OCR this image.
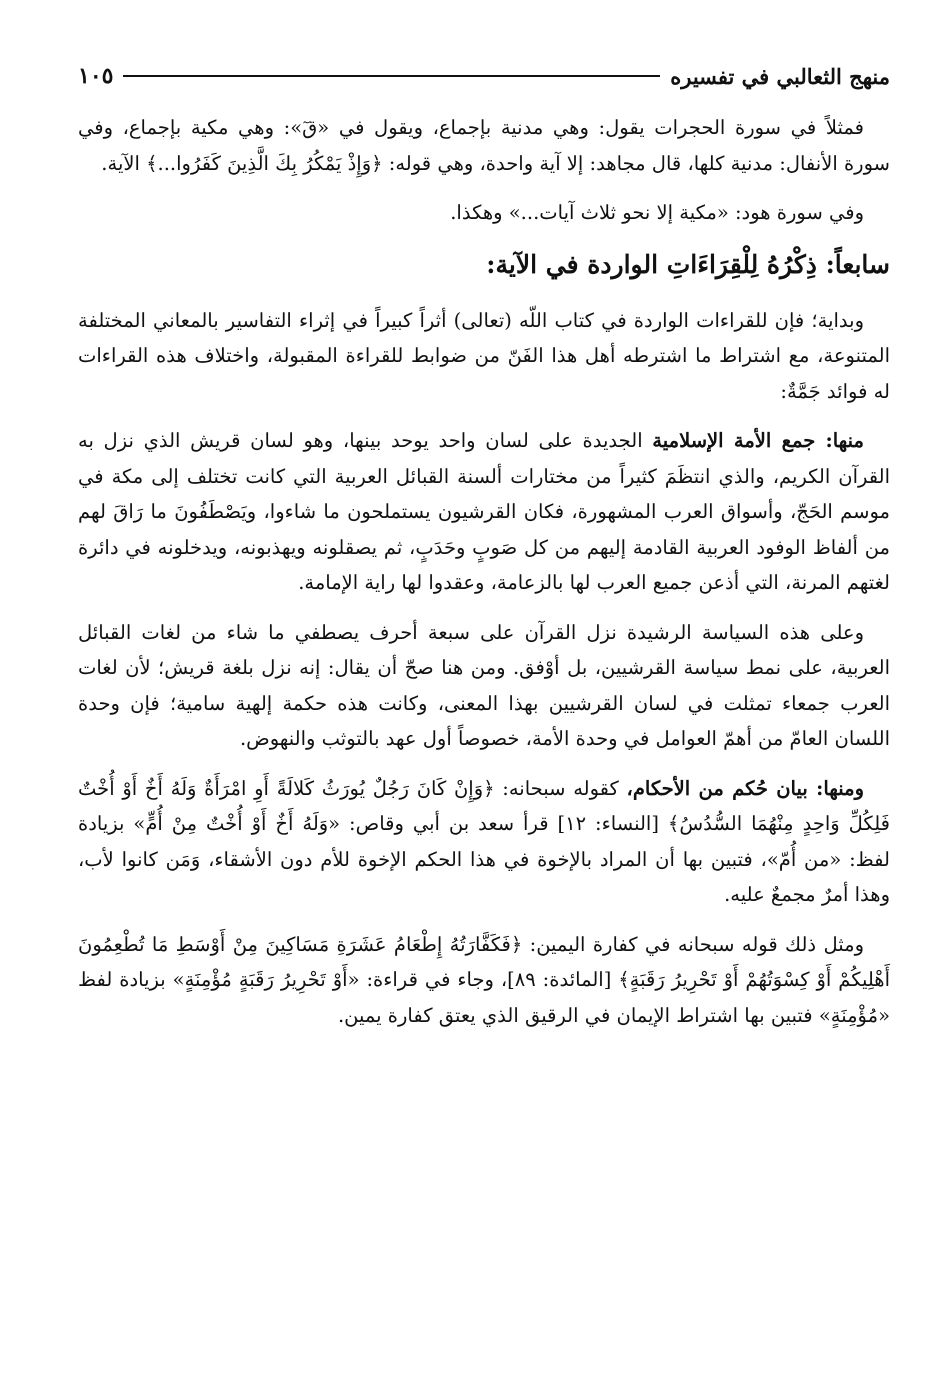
منهج الثعالبي في تفسيره
١٠٥

فمثلاً في سورة الحجرات يقول: وهي مدنية بإجماع، ويقول في «قٓ»: وهي مكية بإجماع، وفي سورة الأنفال: مدنية كلها، قال مجاهد: إلا آية واحدة، وهي قوله: ﴿وَإِذْ يَمْكُرُ بِكَ الَّذِينَ كَفَرُوا...﴾ الآية.

وفي سورة هود: «مكية إلا نحو ثلاث آيات...» وهكذا.

سابعاً: ذِكْرُهُ لِلْقِرَاءَاتِ الواردة في الآية:

وبداية؛ فإن للقراءات الواردة في كتاب اللّه (تعالى) أثراً كبيراً في إثراء التفاسير بالمعاني المختلفة المتنوعة، مع اشتراط ما اشترطه أهل هذا الفَنّ من ضوابط للقراءة المقبولة، واختلاف هذه القراءات له فوائد جَمَّةٌ:

منها: جمع الأمة الإسلامية الجديدة على لسان واحد يوحد بينها، وهو لسان قريش الذي نزل به القرآن الكريم، والذي انتظَمَ كثيراً من مختارات ألسنة القبائل العربية التي كانت تختلف إلى مكة في موسم الحَجّ، وأسواق العرب المشهورة، فكان القرشيون يستملحون ما شاءوا، ويَصْطَفُونَ ما رَاقَ لهم من ألفاظ الوفود العربية القادمة إليهم من كل صَوبٍ وحَدَبٍ، ثم يصقلونه ويهذبونه، ويدخلونه في دائرة لغتهم المرنة، التي أذعن جميع العرب لها بالزعامة، وعقدوا لها راية الإمامة.

وعلى هذه السياسة الرشيدة نزل القرآن على سبعة أحرف يصطفي ما شاء من لغات القبائل العربية، على نمط سياسة القرشيين، بل أوْفق. ومن هنا صحّ أن يقال: إنه نزل بلغة قريش؛ لأن لغات العرب جمعاء تمثلت في لسان القرشيين بهذا المعنى، وكانت هذه حكمة إلهية سامية؛ فإن وحدة اللسان العامّ من أهمّ العوامل في وحدة الأمة، خصوصاً أول عهد بالتوثب والنهوض.

ومنها: بيان حُكم من الأحكام، كقوله سبحانه: ﴿وَإِنْ كَانَ رَجُلٌ يُورَثُ كَلالَةً أَوِ امْرَأَةٌ وَلَهُ أَخٌ أَوْ أُخْتٌ فَلِكُلِّ وَاحِدٍ مِنْهُمَا السُّدُسُ﴾ [النساء: ١٢] قرأ سعد بن أبي وقاص: «وَلَهُ أَخٌ أَوْ أُخْتٌ مِنْ أُمٍّ» بزيادة لفظ: «من أُمّ»، فتبين بها أن المراد بالإخوة في هذا الحكم الإخوة للأم دون الأشقاء، وَمَن كانوا لأب، وهذا أمرٌ مجمعٌ عليه.

ومثل ذلك قوله سبحانه في كفارة اليمين: ﴿فَكَفَّارَتُهُ إِطْعَامُ عَشَرَةِ مَسَاكِينَ مِنْ أَوْسَطِ مَا تُطْعِمُونَ أَهْلِيكُمْ أَوْ كِسْوَتُهُمْ أَوْ تَحْرِيرُ رَقَبَةٍ﴾ [المائدة: ٨٩]، وجاء في قراءة: «أَوْ تَحْرِيرُ رَقَبَةٍ مُؤْمِنَةٍ» بزيادة لفظ «مُؤْمِنَةٍ» فتبين بها اشتراط الإيمان في الرقيق الذي يعتق كفارة يمين.
